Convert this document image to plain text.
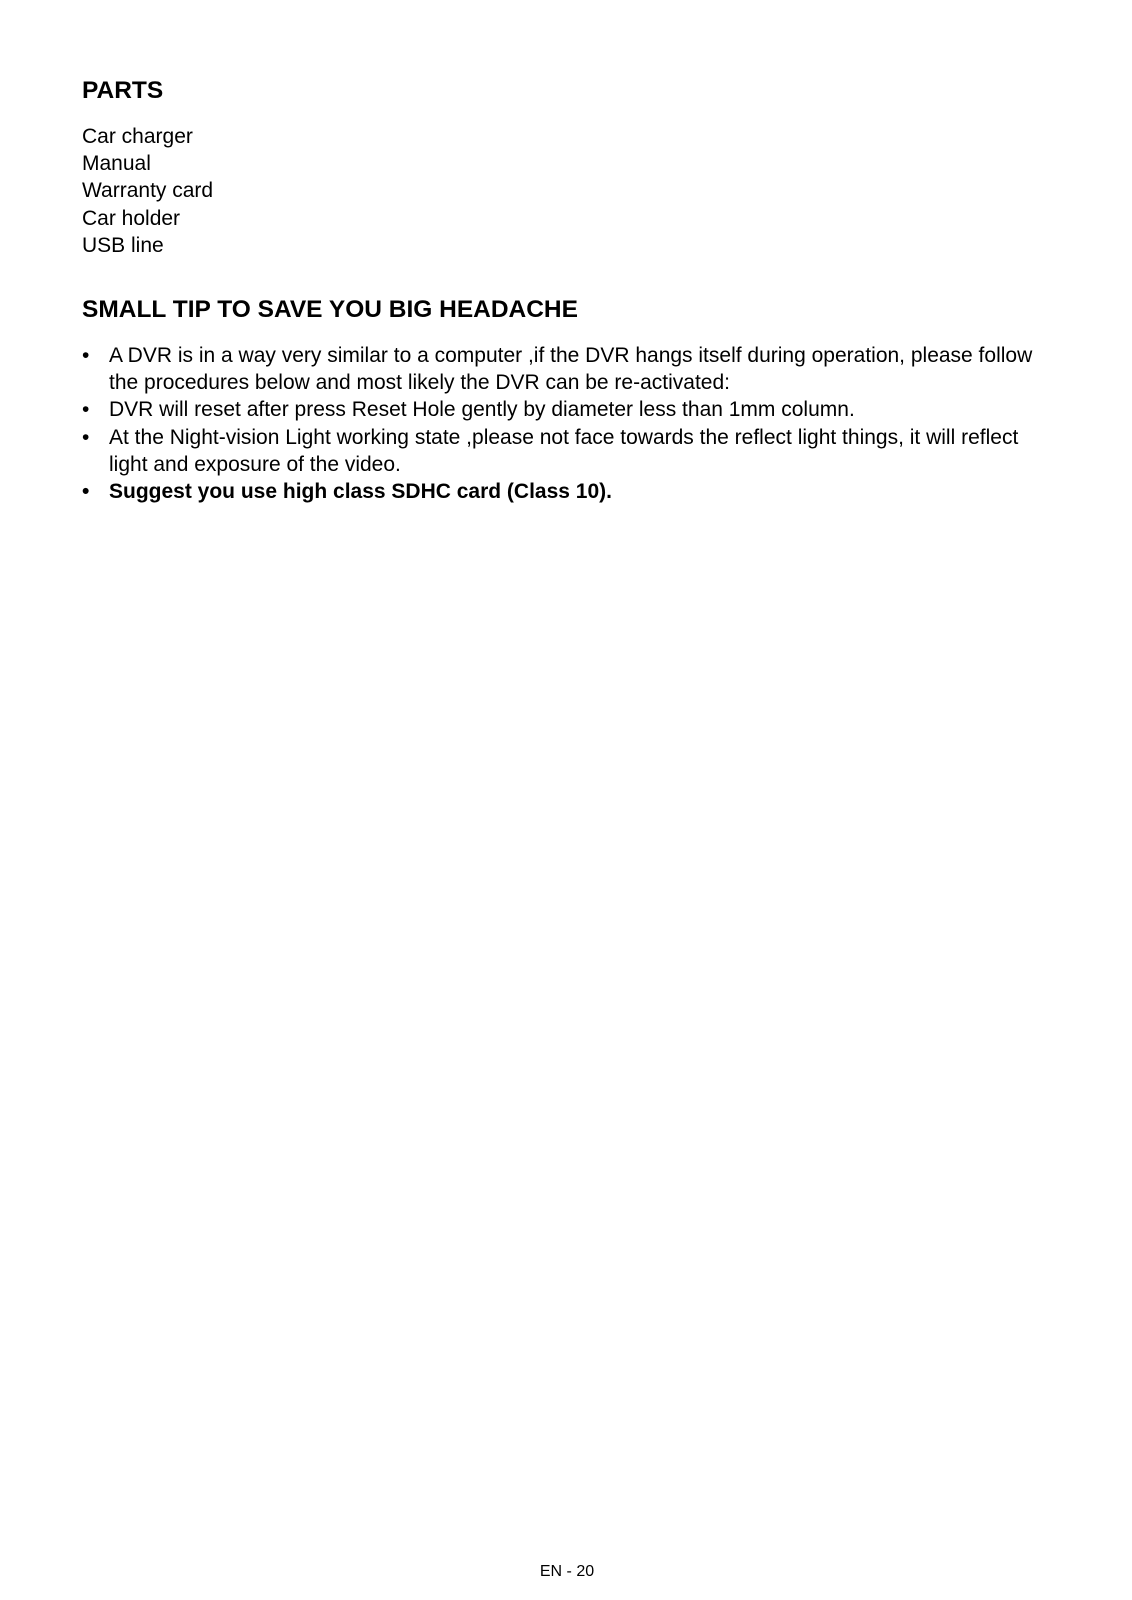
PARTS
Car charger
Manual
Warranty card
Car holder
USB line
SMALL TIP TO SAVE YOU BIG HEADACHE
• A DVR is in a way very similar to a computer ,if the DVR hangs itself during operation, please follow the procedures below and most likely the DVR can be re-activated:
• DVR will reset after press Reset Hole gently by diameter less than 1mm column.
• At the Night-vision Light working state ,please not face towards the reflect light things, it will reflect light and exposure of the video.
• Suggest you use high class SDHC card (Class 10).
EN - 20
